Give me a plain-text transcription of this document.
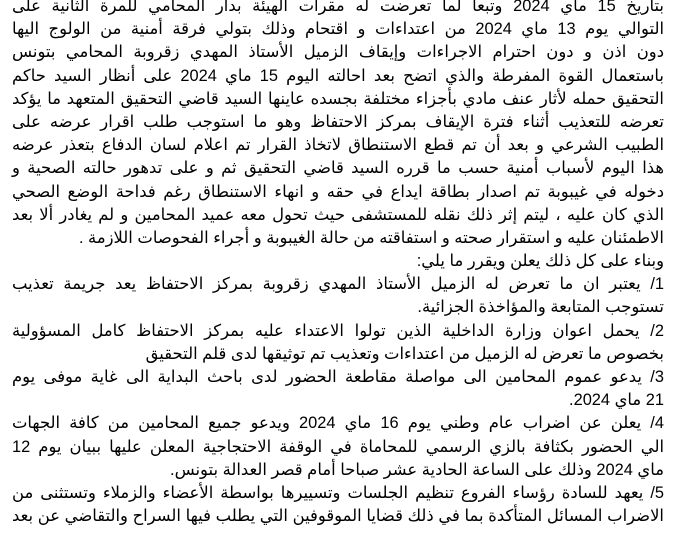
بتاريخ 15 ماي 2024 وتبعا لما تعرضت له مقرات الهيئة بدار المحامي للمرة الثانية على
التوالي يوم 13 ماي 2024 من اعتداءات و اقتحام وذلك بتولي فرقة أمنية من الولوج اليها
دون اذن و دون احترام الاجراءات وإيقاف الزميل الأستاذ المهدي زقروبة المحامي بتونس
باستعمال القوة المفرطة والذي اتضح بعد احالته اليوم 15 ماي 2024 على أنظار السيد حاكم
التحقيق حمله لأثار عنف مادي بأجزاء مختلفة بجسده عاينها السيد قاضي التحقيق المتعهد ما يؤكد
تعرضه للتعذيب أثناء فترة الإيقاف بمركز الاحتفاظ وهو ما استوجب طلب اقرار عرضه على
الطبيب الشرعي و بعد أن تم قطع الاستنطاق لاتخاذ القرار تم اعلام لسان الدفاع بتعذر عرضه
هذا اليوم لأسباب أمنية حسب ما قرره السيد قاضي التحقيق ثم و على تدهور حالته الصحية و
دخوله في غيبوبة تم اصدار بطاقة ايداع في حقه و انهاء الاستنطاق رغم فداحة الوضع الصحي
الذي كان عليه ، ليتم إثر ذلك نقله للمستشفى حيث تحول معه عميد المحامين و لم يغادر ألا بعد
الاطمئنان عليه و استقرار صحته و استفاقته من حالة الغيبوبة و أجراء الفحوصات اللازمة .
وبناء على كل ذلك يعلن ويقرر ما يلي:
1/ يعتبر ان ما تعرض له الزميل الأستاذ المهدي زقروبة بمركز الاحتفاظ يعد جريمة تعذيب
تستوجب المتابعة والمؤاخذة الجزائية.
2/ يحمل اعوان وزارة الداخلية الذين تولوا الاعتداء عليه بمركز الاحتفاظ كامل المسؤولية
بخصوص ما تعرض له الزميل من اعتداءات وتعذيب تم توثيقها لدى قلم التحقيق
3/ يدعو عموم المحامين الى مواصلة مقاطعة الحضور لدى باحث البداية الى غاية موفى يوم
21 ماي 2024.
4/ يعلن عن اضراب عام وطني يوم 16 ماي 2024 ويدعو جميع المحامين من كافة الجهات
الي الحضور بكثافة بالزي الرسمي للمحاماة في الوقفة الاحتجاجية المعلن عليها ببيان يوم 12
ماي 2024 وذلك على الساعة الحادية عشر صباحا أمام قصر العدالة بتونس.
5/ يعهد للسادة رؤساء الفروع تنظيم الجلسات وتسييرها بواسطة الأعضاء والزملاء وتستثنى من
الاضراب المسائل المتأكدة بما في ذلك قضايا الموقوفين التي يطلب فيها السراح والتقاضي عن بعد
